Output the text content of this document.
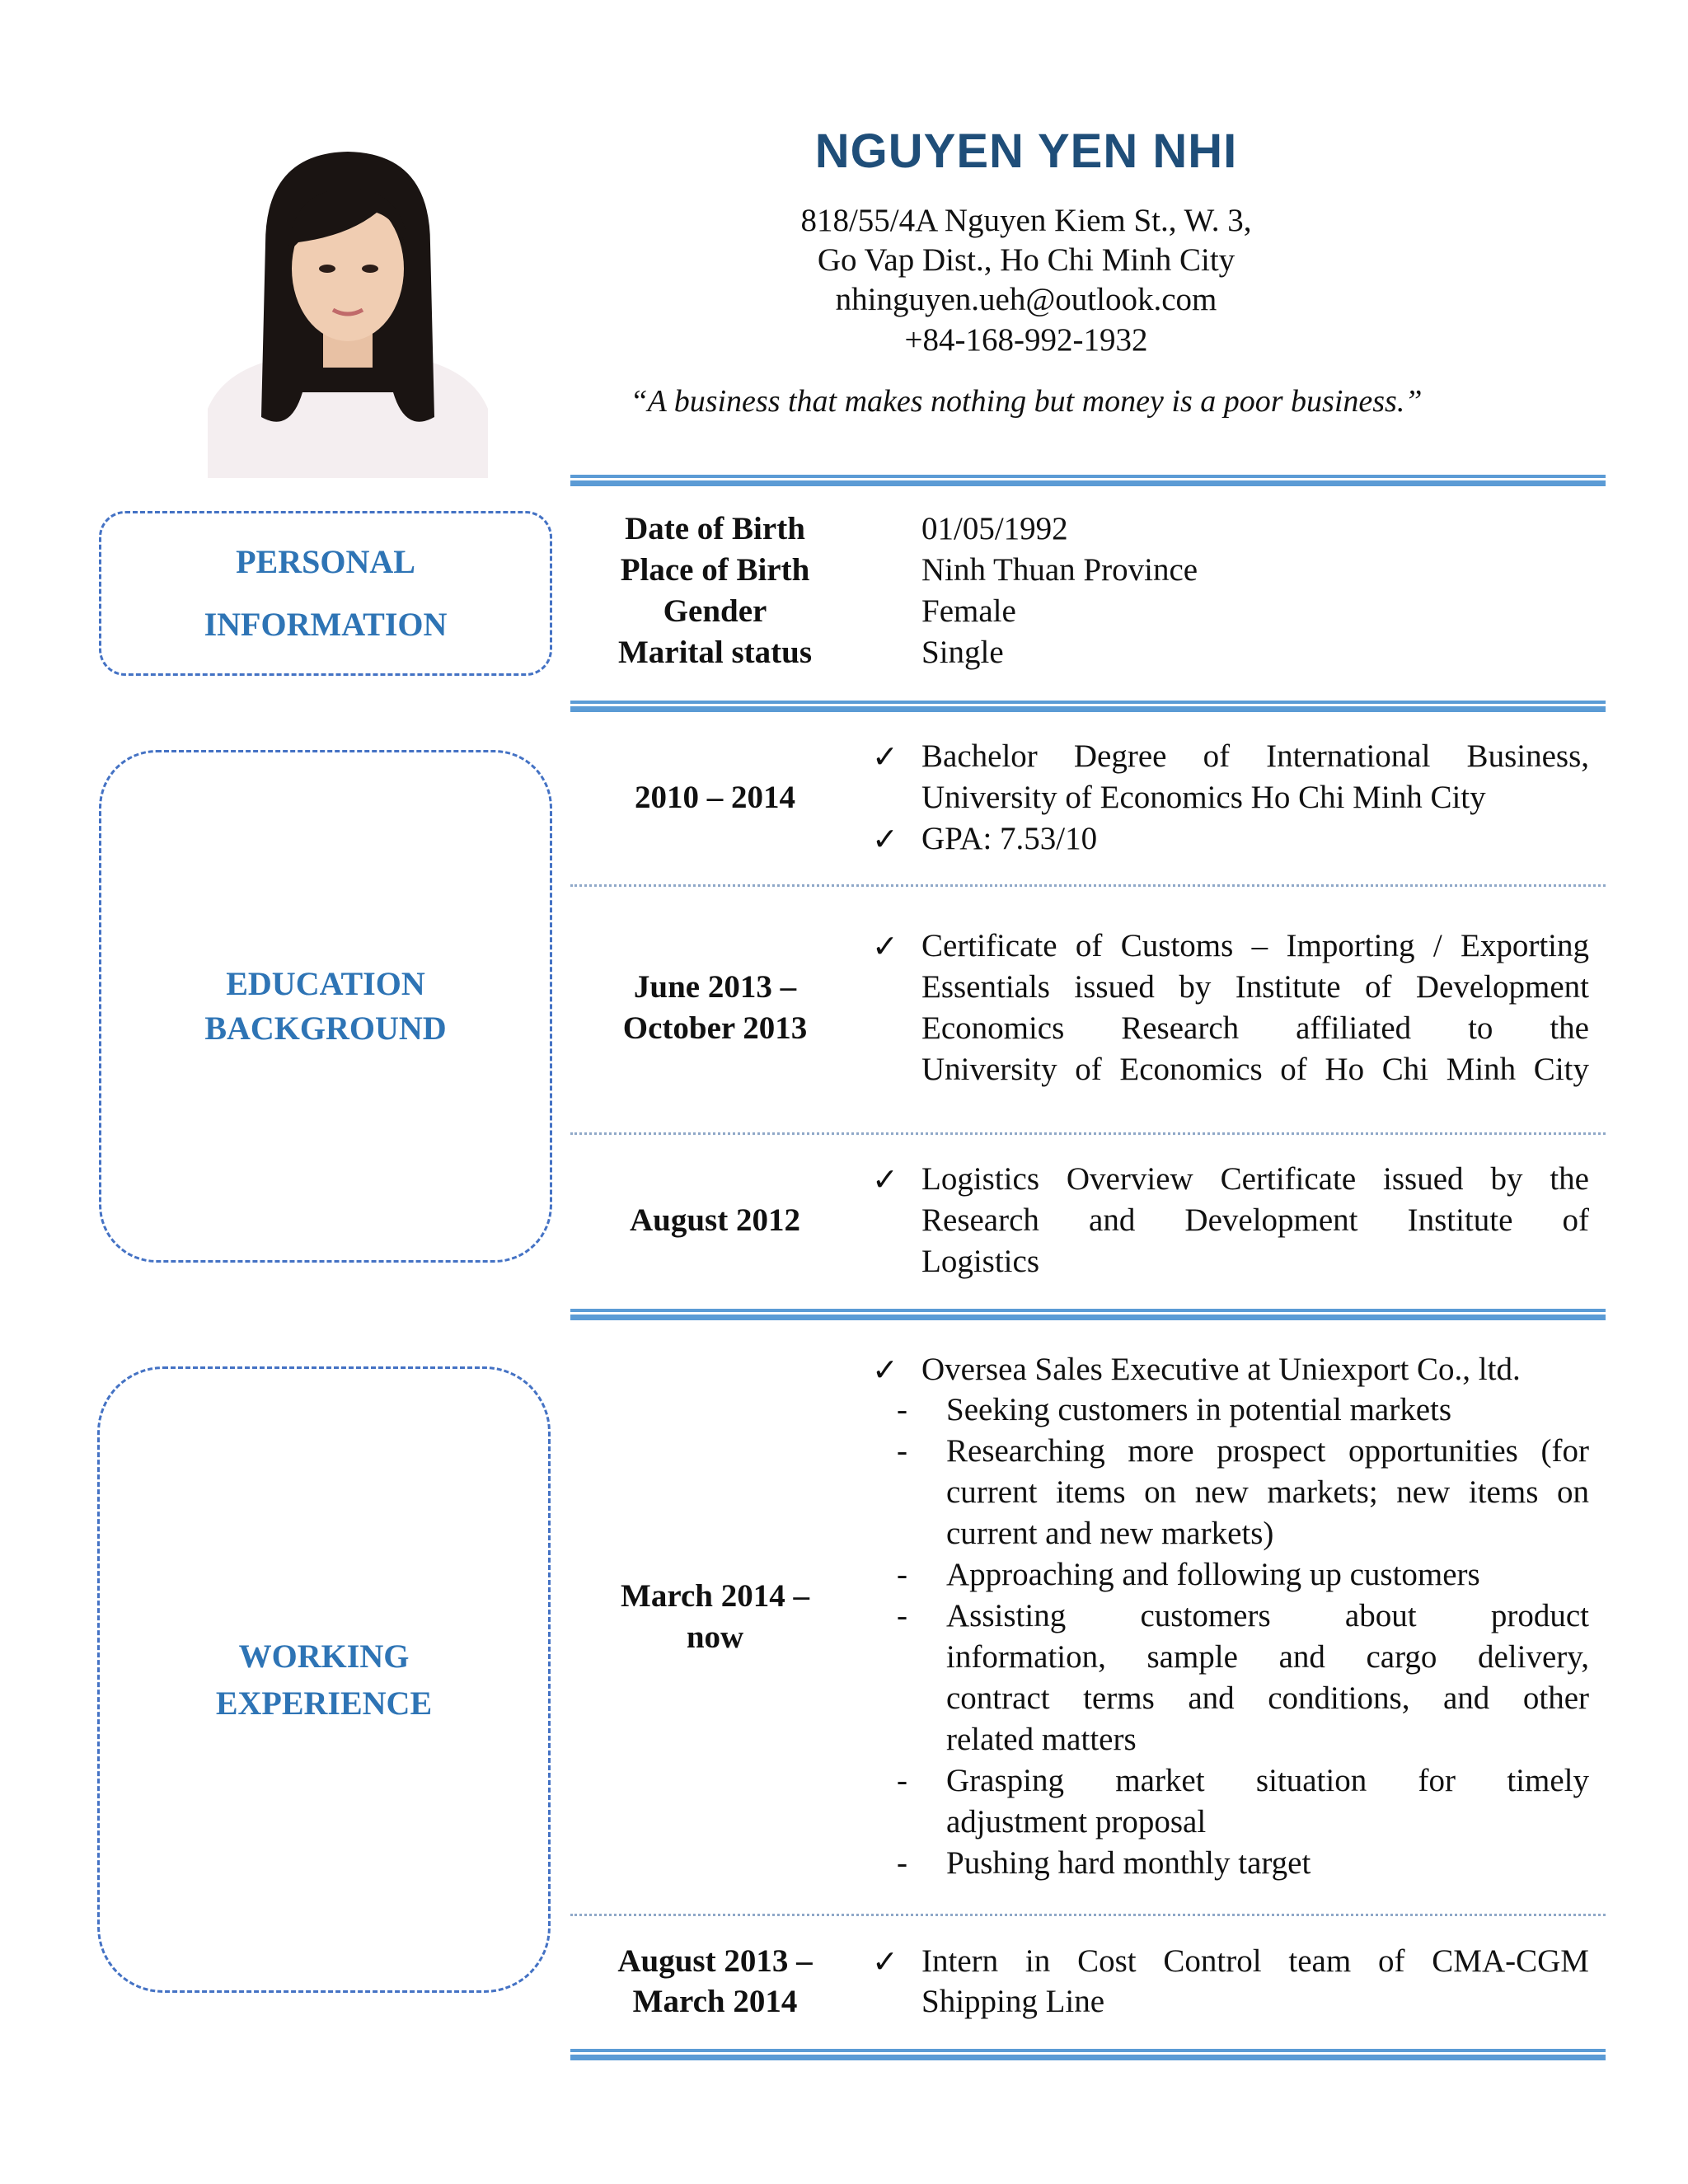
NGUYEN YEN NHI
818/55/4A Nguyen Kiem St., W. 3,
Go Vap Dist., Ho Chi Minh City
nhinguyen.ueh@outlook.com
+84-168-992-1932
“A business that makes nothing but money is a poor business.”
PERSONAL
INFORMATION
Date of Birth
Place of Birth
Gender
Marital status
01/05/1992
Ninh Thuan Province
Female
Single
EDUCATION
BACKGROUND
2010 – 2014
✓ Bachelor Degree of International Business,
University of Economics Ho Chi Minh City
✓ GPA: 7.53/10
June 2013 –
October 2013
✓ Certificate of Customs – Importing / Exporting
Essentials issued by Institute of Development
Economics Research affiliated to the
University of Economics of Ho Chi Minh City
August 2012
✓ Logistics Overview Certificate issued by the
Research and Development Institute of
Logistics
WORKING
EXPERIENCE
March 2014 –
now
✓ Oversea Sales Executive at Uniexport Co., ltd.
- Seeking customers in potential markets
- Researching more prospect opportunities (for
current items on new markets; new items on
current and new markets)
- Approaching and following up customers
- Assisting customers about product
information, sample and cargo delivery,
contract terms and conditions, and other
related matters
- Grasping market situation for timely
adjustment proposal
- Pushing hard monthly target
August 2013 –
March 2014
✓ Intern in Cost Control team of CMA-CGM
Shipping Line
